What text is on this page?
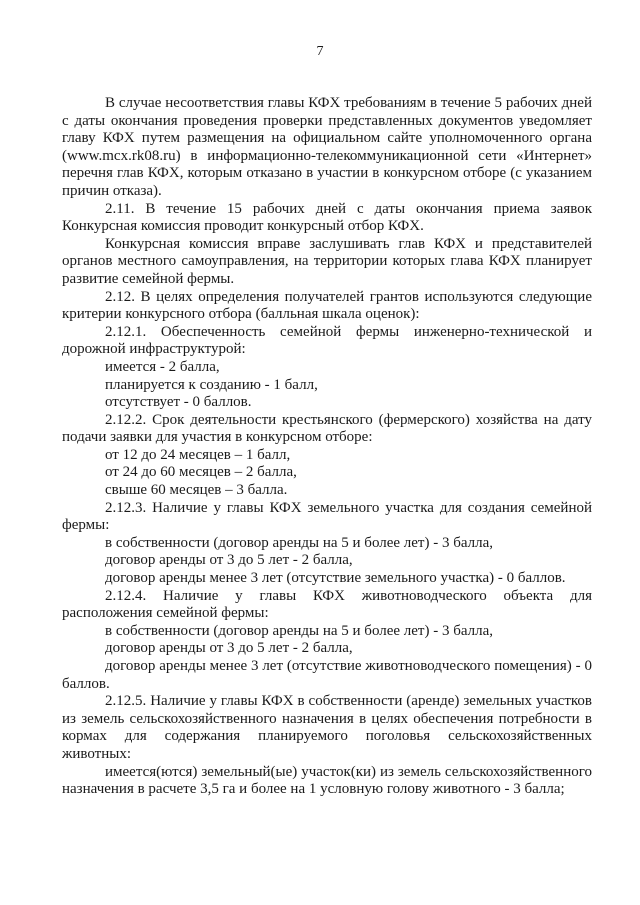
7
В случае несоответствия главы КФХ требованиям в течение 5 рабочих дней с даты окончания проведения проверки представленных документов уведомляет главу КФХ путем размещения на официальном сайте уполномоченного органа (www.mcx.rk08.ru) в информационно-телекоммуникационной сети «Интернет» перечня глав КФХ, которым отказано в участии в конкурсном отборе (с указанием причин отказа).
2.11. В течение 15 рабочих дней с даты окончания приема заявок Конкурсная комиссия проводит конкурсный отбор КФХ.
Конкурсная комиссия вправе заслушивать глав КФХ и представителей органов местного самоуправления, на территории которых глава КФХ планирует развитие семейной фермы.
2.12. В целях определения получателей грантов используются следующие критерии конкурсного отбора (балльная шкала оценок):
2.12.1. Обеспеченность семейной фермы инженерно-технической и дорожной инфраструктурой:
имеется - 2 балла,
планируется к созданию - 1 балл,
отсутствует - 0 баллов.
2.12.2. Срок деятельности крестьянского (фермерского) хозяйства на дату подачи заявки для участия в конкурсном отборе:
от 12 до 24 месяцев – 1 балл,
от 24 до 60 месяцев – 2 балла,
свыше 60 месяцев – 3 балла.
2.12.3. Наличие у главы КФХ земельного участка для создания семейной фермы:
в собственности (договор аренды на 5 и более лет) - 3 балла,
договор аренды от 3 до 5 лет - 2 балла,
договор аренды менее 3 лет (отсутствие земельного участка) - 0 баллов.
2.12.4. Наличие у главы КФХ животноводческого объекта для расположения семейной фермы:
в собственности (договор аренды на 5 и более лет) - 3 балла,
договор аренды от 3 до 5 лет - 2 балла,
договор аренды менее 3 лет (отсутствие животноводческого помещения) - 0 баллов.
2.12.5. Наличие у главы КФХ в собственности (аренде) земельных участков из земель сельскохозяйственного назначения в целях обеспечения потребности в кормах для содержания планируемого поголовья сельскохозяйственных животных:
имеется(ются) земельный(ые) участок(ки) из земель сельскохозяйственного назначения в расчете 3,5 га и более на 1 условную голову животного - 3 балла;
